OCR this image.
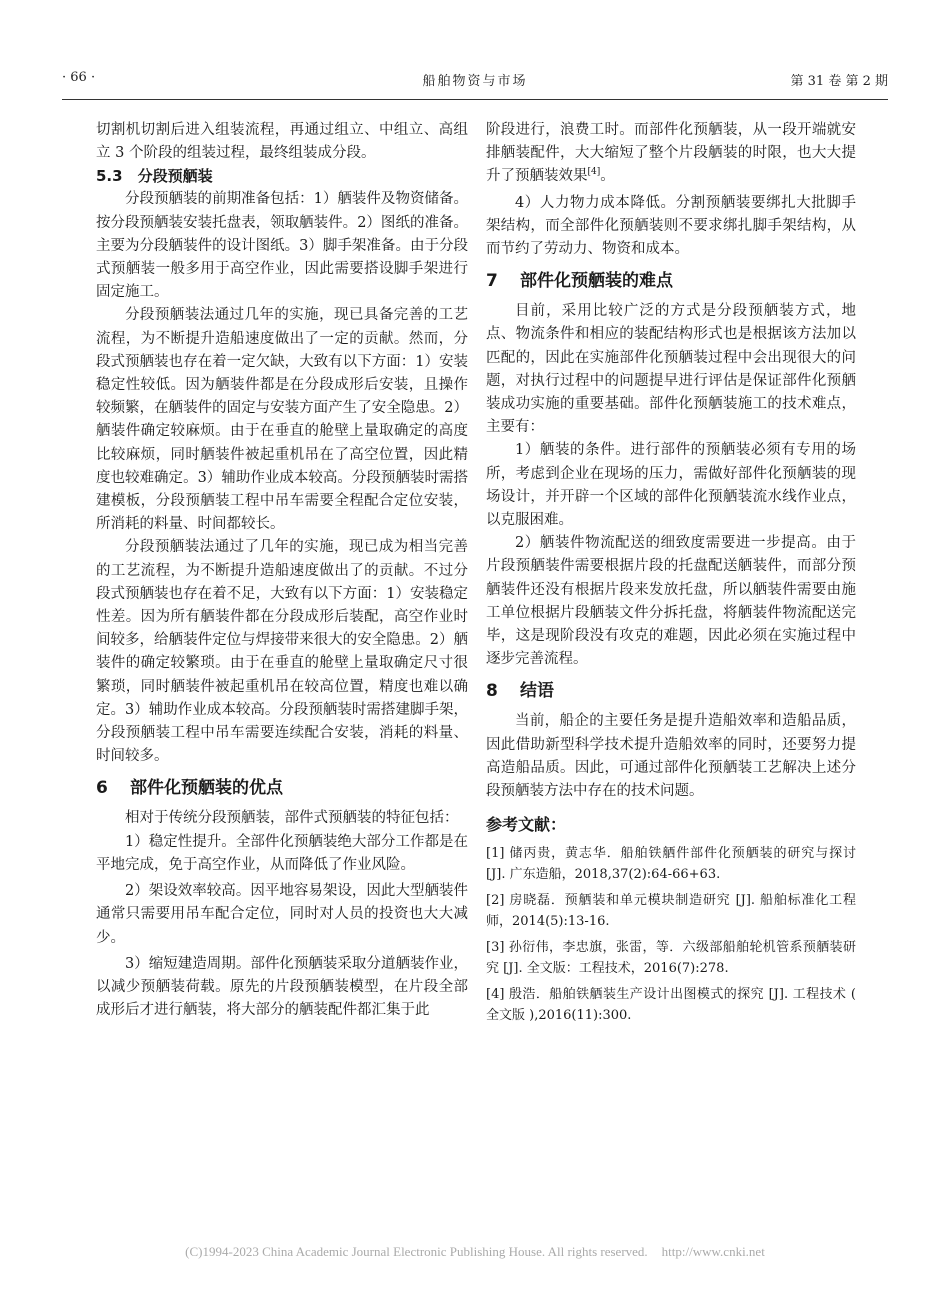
· 66 ·	船舶物资与市场	第 31 卷 第 2 期

切割机切割后进入组装流程，再通过组立、中组立、高组立 3 个阶段的组装过程，最终组装成分段。

5.3　分段预舾装

分段预舾装的前期准备包括：1）舾装件及物资储备。按分段预舾装安装托盘表，领取舾装件。2）图纸的准备。主要为分段舾装件的设计图纸。3）脚手架准备。由于分段式预舾装一般多用于高空作业，因此需要搭设脚手架进行固定施工。

分段预舾装法通过几年的实施，现已具备完善的工艺流程，为不断提升造船速度做出了一定的贡献。然而，分段式预舾装也存在着一定欠缺，大致有以下方面：1）安装稳定性较低。因为舾装件都是在分段成形后安装，且操作较频繁，在舾装件的固定与安装方面产生了安全隐患。2）舾装件确定较麻烦。由于在垂直的舱壁上量取确定的高度比较麻烦，同时舾装件被起重机吊在了高空位置，因此精度也较难确定。3）辅助作业成本较高。分段预舾装时需搭建模板，分段预舾装工程中吊车需要全程配合定位安装，所消耗的料量、时间都较长。

分段预舾装法通过了几年的实施，现已成为相当完善的工艺流程，为不断提升造船速度做出了的贡献。不过分段式预舾装也存在着不足，大致有以下方面：1）安装稳定性差。因为所有舾装件都在分段成形后装配，高空作业时间较多，给舾装件定位与焊接带来很大的安全隐患。2）舾装件的确定较繁琐。由于在垂直的舱壁上量取确定尺寸很繁琐，同时舾装件被起重机吊在较高位置，精度也难以确定。3）辅助作业成本较高。分段预舾装时需搭建脚手架，分段预舾装工程中吊车需要连续配合安装，消耗的料量、时间较多。

6 部件化预舾装的优点

相对于传统分段预舾装，部件式预舾装的特征包括：

1）稳定性提升。全部件化预舾装绝大部分工作都是在平地完成，免于高空作业，从而降低了作业风险。

2）架设效率较高。因平地容易架设，因此大型舾装件通常只需要用吊车配合定位，同时对人员的投资也大大减少。

3）缩短建造周期。部件化预舾装采取分道舾装作业，以减少预舾装荷载。原先的片段预舾装模型，在片段全部成形后才进行舾装，将大部分的舾装配件都汇集于此

阶段进行，浪费工时。而部件化预舾装，从一段开端就安排舾装配件，大大缩短了整个片段舾装的时限，也大大提升了预舾装效果[4]。

4）人力物力成本降低。分割预舾装要绑扎大批脚手架结构，而全部件化预舾装则不要求绑扎脚手架结构，从而节约了劳动力、物资和成本。

7 部件化预舾装的难点

目前，采用比较广泛的方式是分段预舾装方式，地点、物流条件和相应的装配结构形式也是根据该方法加以匹配的，因此在实施部件化预舾装过程中会出现很大的问题，对执行过程中的问题提早进行评估是保证部件化预舾装成功实施的重要基础。部件化预舾装施工的技术难点，主要有：

1）舾装的条件。进行部件的预舾装必须有专用的场所，考虑到企业在现场的压力，需做好部件化预舾装的现场设计，并开辟一个区域的部件化预舾装流水线作业点，以克服困难。

2）舾装件物流配送的细致度需要进一步提高。由于片段预舾装件需要根据片段的托盘配送舾装件，而部分预舾装件还没有根据片段来发放托盘，所以舾装件需要由施工单位根据片段舾装文件分拆托盘，将舾装件物流配送完毕，这是现阶段没有攻克的难题，因此必须在实施过程中逐步完善流程。

8 结语

当前，船企的主要任务是提升造船效率和造船品质，因此借助新型科学技术提升造船效率的同时，还要努力提高造船品质。因此，可通过部件化预舾装工艺解决上述分段预舾装方法中存在的技术问题。

参考文献：

[1] 储丙贵，黄志华．船舶铁舾件部件化预舾装的研究与探讨 [J]. 广东造船，2018,37(2):64-66+63.

[2] 房晓磊．预舾装和单元模块制造研究 [J]. 船舶标准化工程师，2014(5):13-16.

[3] 孙衍伟，李忠旗，张雷，等．六级部船舶轮机管系预舾装研究 [J]. 全文版：工程技术，2016(7):278.

[4] 殷浩．船舶铁舾装生产设计出图模式的探究 [J]. 工程技术 ( 全文版 ),2016(11):300.

(C)1994-2023 China Academic Journal Electronic Publishing House. All rights reserved. http://www.cnki.net
